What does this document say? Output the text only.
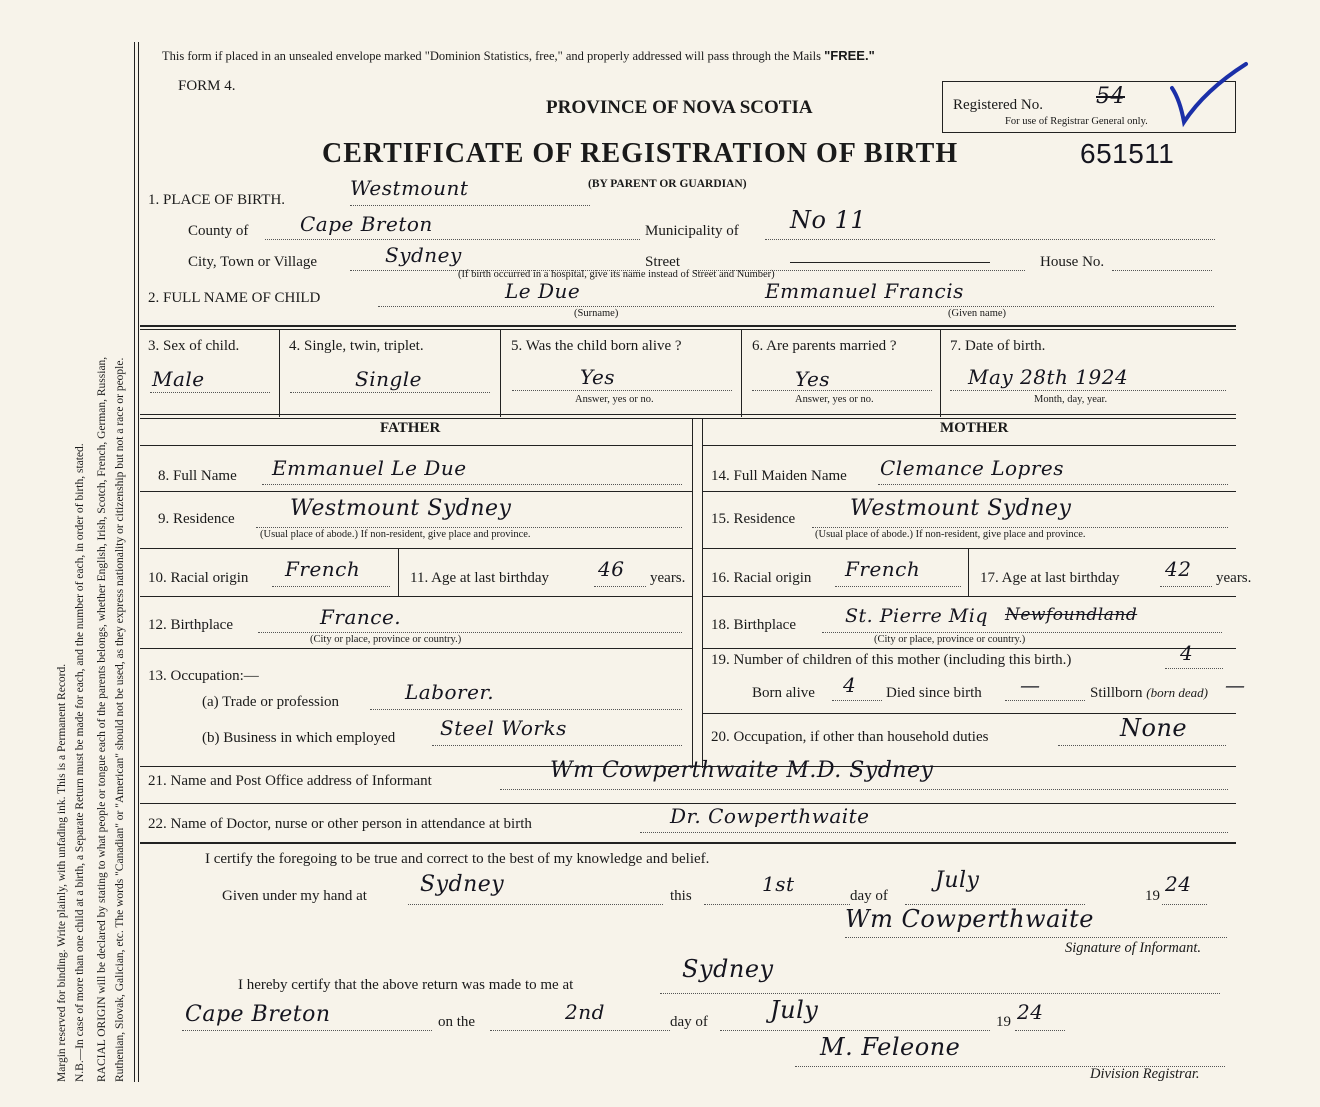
Margin reserved for binding. Write plainly, with unfading ink. This is a Permanent Record. N.B.—In case of more than one child at a birth, a Separate Return must be made for each, and the number of each, in order of birth, stated. RACIAL ORIGIN will be declared by stating to what people or tongue each of the parents belongs, whether English, Irish, Scotch, French, German, Russian, Ruthenian, Slovak, Galician, etc. The words "Canadian" or "American" should not be used, as they express nationality or citizenship but not a race or people.
This form if placed in an unsealed envelope marked "Dominion Statistics, free," and properly addressed will pass through the Mails "FREE."
FORM 4.
PROVINCE OF NOVA SCOTIA
CERTIFICATE OF REGISTRATION OF BIRTH	651511
(BY PARENT OR GUARDIAN)
Registered No. 54
For use of Registrar General only.
1. PLACE OF BIRTH.	Westmount
County of	Cape Breton	Municipality of No 11
City, Town or Village	Sydney	Street	House No.
(If birth occurred in a hospital, give its name instead of Street and Number)
2. FULL NAME OF CHILD	Le Due	Emmanuel Francis
(Surname)	(Given name)
3. Sex of child.
Male
4. Single, twin, triplet.
Single
5. Was the child born alive ?
Yes
Answer, yes or no.
6. Are parents married ?
Yes
Answer, yes or no.
7. Date of birth.
May 28th 1924
Month, day, year.
FATHER	MOTHER
8. Full Name Emmanuel Le Due	14. Full Maiden Name Clemance Lopres
9. Residence	Westmount Sydney
(Usual place of abode.) If non-resident, give place and province.
15. Residence Westmount Sydney
(Usual place of abode.) If non-resident, give place and province.
10. Racial origin French	11. Age at last birthday 46 years. 16. Racial origin French	17. Age at last birthday 42 years.
12. Birthplace	France.
(City or place, province or country.)
18. Birthplace	St. Pierre Miq Newfoundland
(City or place, province or country.)
13. Occupation:—
(a) Trade or profession	Laborer.
(b) Business in which employed Steel Works
19. Number of children of this mother (including this birth.)	4
Born alive 4 Died since birth —	Stillborn (born dead) —
20. Occupation, if other than household duties	None
21. Name and Post Office address of Informant	Wm Cowperthwaite M.D. Sydney
22. Name of Doctor, nurse or other person in attendance at birth	Dr. Cowperthwaite
I certify the foregoing to be true and correct to the best of my knowledge and belief.
Given under my hand at Sydney	this	1st	day of
July
19 24
Wm Cowperthwaite
Signature of Informant.
I hereby certify that the above return was made to me at
Sydney
Cape Breton	on the	2nd	day of	July	19 24
M. Feleone
Division Registrar.
